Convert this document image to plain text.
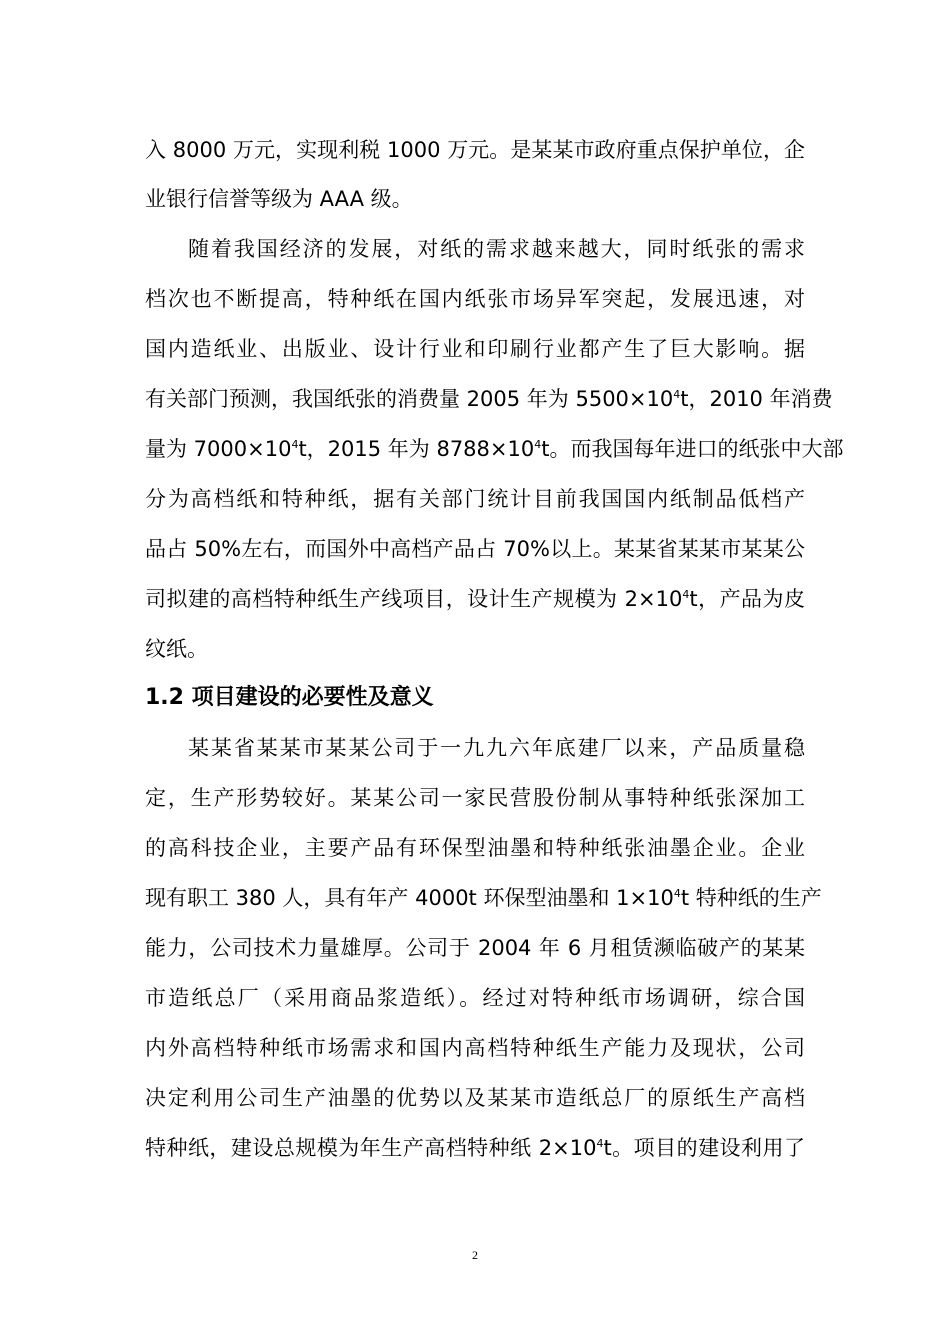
入 8000 万元，实现利税 1000 万元。是某某市政府重点保护单位，企
业银行信誉等级为 AAA 级。
随着我国经济的发展，对纸的需求越来越大，同时纸张的需求
档次也不断提高，特种纸在国内纸张市场异军突起，发展迅速，对
国内造纸业、出版业、设计行业和印刷行业都产生了巨大影响。据
有关部门预测，我国纸张的消费量 2005 年为 $5500\times 10^4t$，2010 年消费
量为 $7000\times 10^4t$，2015 年为 $8788\times 10^4t$。而我国每年进口的纸张中大部
分为高档纸和特种纸，据有关部门统计目前我国国内纸制品低档产
品占 50%左右，而国外中高档产品占 70%以上。某某省某某市某某公
司拟建的高档特种纸生产线项目，设计生产规模为 $2\times 10^4t$，产品为皮
纹纸。
1.2 项目建设的必要性及意义
某某省某某市某某公司于一九九六年底建厂以来，产品质量稳
定，生产形势较好。某某公司一家民营股份制从事特种纸张深加工
的高科技企业，主要产品有环保型油墨和特种纸张油墨企业。企业
现有职工 380 人，具有年产 4000t 环保型油墨和 $1\times 10^4t$ 特种纸的生产
能力，公司技术力量雄厚。公司于 2004 年 6 月租赁濒临破产的某某
市造纸总厂（采用商品浆造纸）。经过对特种纸市场调研，综合国
内外高档特种纸市场需求和国内高档特种纸生产能力及现状，公司
决定利用公司生产油墨的优势以及某某市造纸总厂的原纸生产高档
特种纸，建设总规模为年生产高档特种纸 $2\times 10^4t$。项目的建设利用了
2
